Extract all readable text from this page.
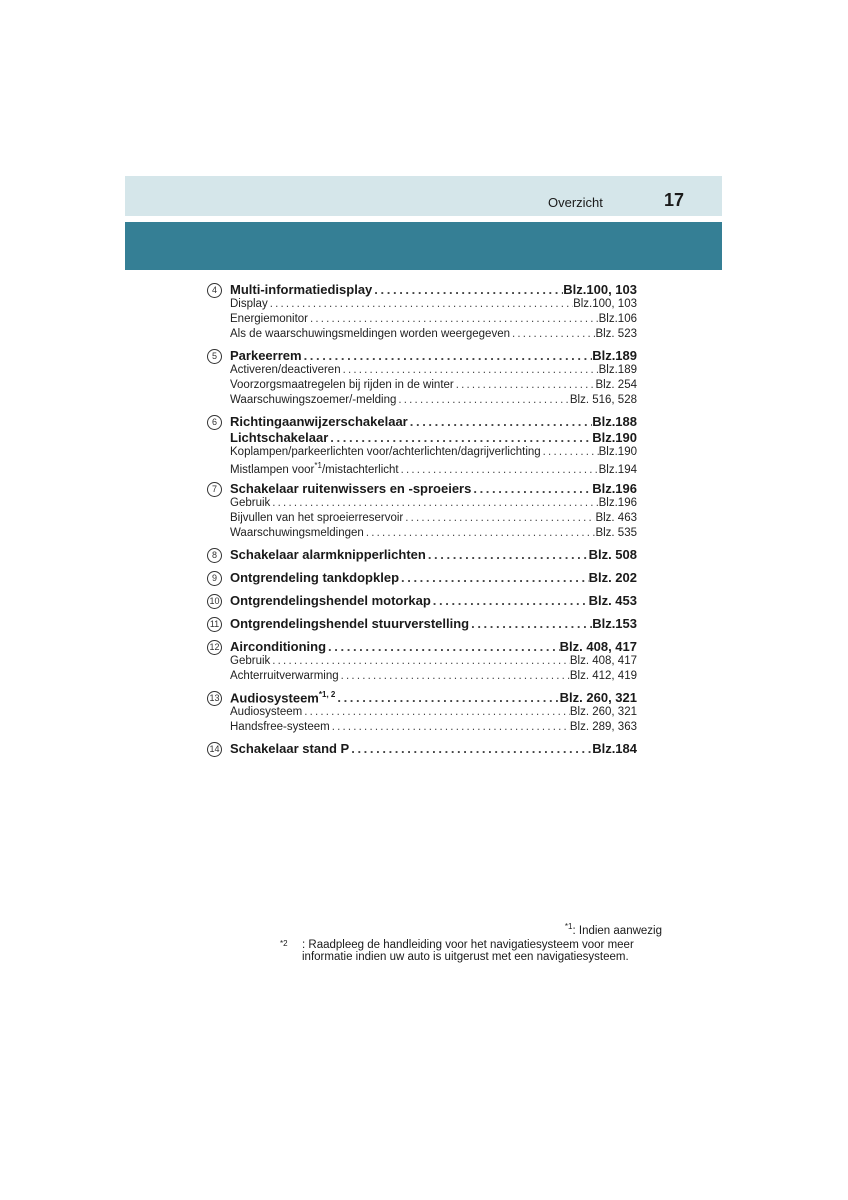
Overzicht	17
4	Multi-informatiedisplay . . .	Blz.100, 103
Display . . .	Blz.100, 103
Energiemonitor . . .	Blz.106
Als de waarschuwingsmeldingen worden weergegeven . . .	Blz. 523
5	Parkeerrem . . .	Blz.189
Activeren/deactiveren . . .	Blz.189
Voorzorgsmaatregelen bij rijden in de winter . . .	Blz. 254
Waarschuwingszoemer/-melding . . .	Blz. 516, 528
6	Richtingaanwijzerschakelaar . . .	Blz.188
Lichtschakelaar . . .	Blz.190
Koplampen/parkeerlichten voor/achterlichten/dagrijverlichting . . .	Blz.190
Mistlampen voor$^{*1}$/mistachterlicht . . .	Blz.194
7	Schakelaar ruitenwissers en -sproeiers . . .	Blz.196
Gebruik . . .	Blz.196
Bijvullen van het sproeierreservoir . . .	Blz. 463
Waarschuwingsmeldingen . . .	Blz. 535
8	Schakelaar alarmknipperlichten . . .	Blz. 508
9	Ontgrendeling tankdopklep . . .	Blz. 202
10 Ontgrendelingshendel motorkap . . .	Blz. 453
11 Ontgrendelingshendel stuurverstelling . . .	Blz.153
12 Airconditioning . . .	Blz. 408, 417
Gebruik . . .	Blz. 408, 417
Achterruitverwarming . . .	Blz. 412, 419
13 Audiosysteem$^{*1, 2}$ . . .	Blz. 260, 321
Audiosysteem . . .	Blz. 260, 321
Handsfree-systeem . . .	Blz. 289, 363
14 Schakelaar stand P . . .	Blz.184
$^{*1}$: Indien aanwezig
*2 : Raadpleeg de handleiding voor het navigatiesysteem voor meer
informatie indien uw auto is uitgerust met een navigatiesysteem.
